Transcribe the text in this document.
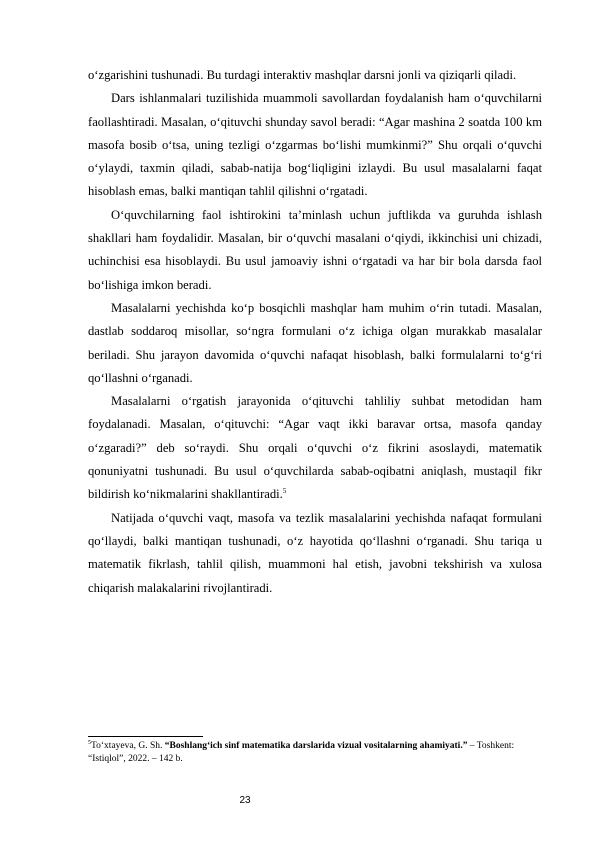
o‘zgarishini tushunadi. Bu turdagi interaktiv mashqlar darsni jonli va qiziqarli qiladi.

Dars ishlanmalari tuzilishida muammoli savollardan foydalanish ham o‘quvchilarni faollashtiradi. Masalan, o‘qituvchi shunday savol beradi: “Agar mashina 2 soatda 100 km masofa bosib o‘tsa, uning tezligi o‘zgarmas bo‘lishi mumkinmi?” Shu orqali o‘quvchi o‘ylaydi, taxmin qiladi, sabab-natija bog‘liqligini izlaydi. Bu usul masalalarni faqat hisoblash emas, balki mantiqan tahlil qilishni o‘rgatadi.

O‘quvchilarning faol ishtirokini ta’minlash uchun juftlikda va guruhda ishlash shakllari ham foydalidir. Masalan, bir o‘quvchi masalani o‘qiydi, ikkinchisi uni chizadi, uchinchisi esa hisoblaydi. Bu usul jamoaviy ishni o‘rgatadi va har bir bola darsda faol bo‘lishiga imkon beradi.

Masalalarni yechishda ko‘p bosqichli mashqlar ham muhim o‘rin tutadi. Masalan, dastlab soddaroq misollar, so‘ngra formulani o‘z ichiga olgan murakkab masalalar beriladi. Shu jarayon davomida o‘quvchi nafaqat hisoblash, balki formulalarni to‘g‘ri qo‘llashni o‘rganadi.

Masalalarni o‘rgatish jarayonida o‘qituvchi tahliliy suhbat metodidan ham foydalanadi. Masalan, o‘qituvchi: “Agar vaqt ikki baravar ortsa, masofa qanday o‘zgaradi?” deb so‘raydi. Shu orqali o‘quvchi o‘z fikrini asoslaydi, matematik qonuniyatni tushunadi. Bu usul o‘quvchilarda sabab-oqibatni aniqlash, mustaqil fikr bildirish ko‘nikmalarini shakllantiradi.$^5$

Natijada o‘quvchi vaqt, masofa va tezlik masalalarini yechishda nafaqat formulani qo‘llaydi, balki mantiqan tushunadi, o‘z hayotida qo‘llashni o‘rganadi. Shu tariqa u matematik fikrlash, tahlil qilish, muammoni hal etish, javobni tekshirish va xulosa chiqarish malakalarini rivojlantiradi.

$^5$To‘xtayeva, G. Sh. “Boshlang‘ich sinf matematika darslarida vizual vositalarning ahamiyati.” – Toshkent: “Istiqlol”, 2022. – 142 b.
23
